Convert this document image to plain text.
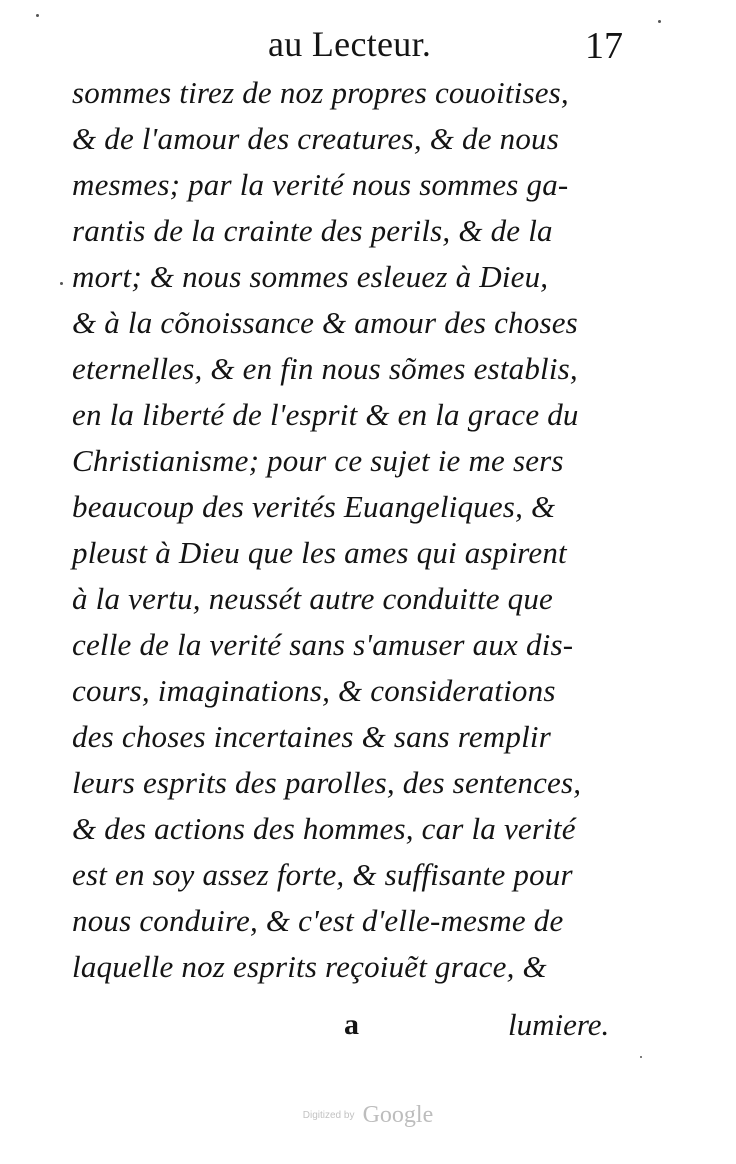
au Lecteur.	17
sommes tirez de noz propres couoitises,
& de l'amour des creatures, & de nous
mesmes; par la verité nous sommes ga-
rantis de la crainte des perils, & de la
mort; & nous sommes esleuez à Dieu,
& à la cõnoissance & amour des choses
eternelles, & en fin nous sõmes establis,
en la liberté de l'esprit & en la grace du
Christianisme; pour ce sujet ie me sers
beaucoup des verités Euangeliques, &
pleust à Dieu que les ames qui aspirent
à la vertu, neussét autre conduitte que
celle de la verité sans s'amuser aux dis-
cours, imaginations, & considerations
des choses incertaines & sans remplir
leurs esprits des parolles, des sentences,
& des actions des hommes, car la verité
est en soy assez forte, & suffisante pour
nous conduire, & c'est d'elle-mesme de
laquelle noz esprits reçoiuẽt grace, &
a	lumiere.
Digitized by Google
